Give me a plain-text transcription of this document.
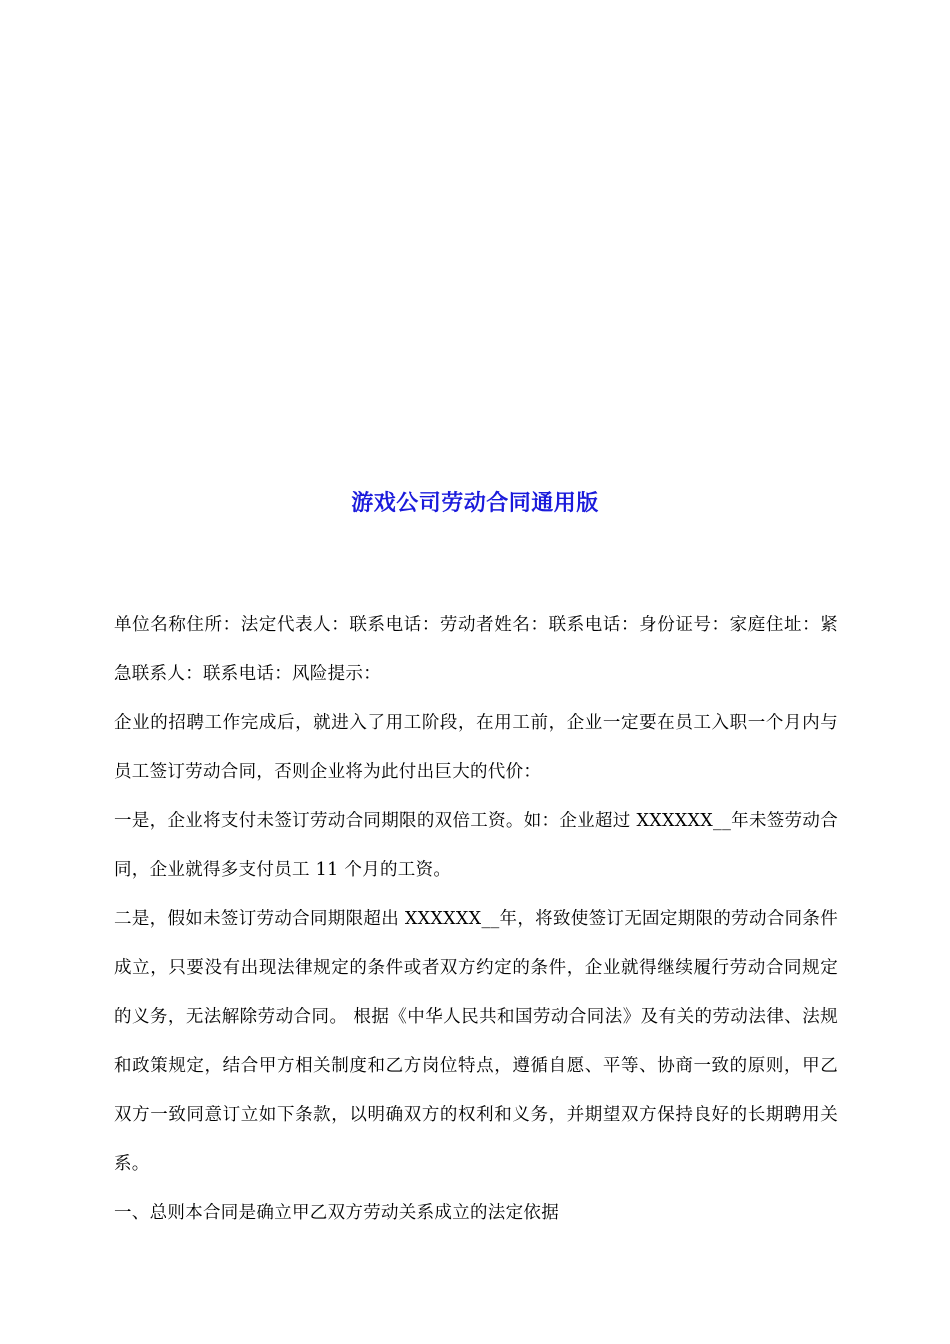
游戏公司劳动合同通用版

单位名称住所：法定代表人：联系电话：劳动者姓名：联系电话：身份证号：家庭住址：紧急联系人：联系电话：风险提示：

企业的招聘工作完成后，就进入了用工阶段，在用工前，企业一定要在员工入职一个月内与员工签订劳动合同，否则企业将为此付出巨大的代价：

一是，企业将支付未签订劳动合同期限的双倍工资。如：企业超过 XXXXXX__年未签劳动合同，企业就得多支付员工 11 个月的工资。

二是，假如未签订劳动合同期限超出 XXXXXX__年，将致使签订无固定期限的劳动合同条件成立，只要没有出现法律规定的条件或者双方约定的条件，企业就得继续履行劳动合同规定的义务，无法解除劳动合同。 根据《中华人民共和国劳动合同法》及有关的劳动法律、法规和政策规定，结合甲方相关制度和乙方岗位特点，遵循自愿、平等、协商一致的原则，甲乙双方一致同意订立如下条款，以明确双方的权利和义务，并期望双方保持良好的长期聘用关系。

一、总则本合同是确立甲乙双方劳动关系成立的法定依据
